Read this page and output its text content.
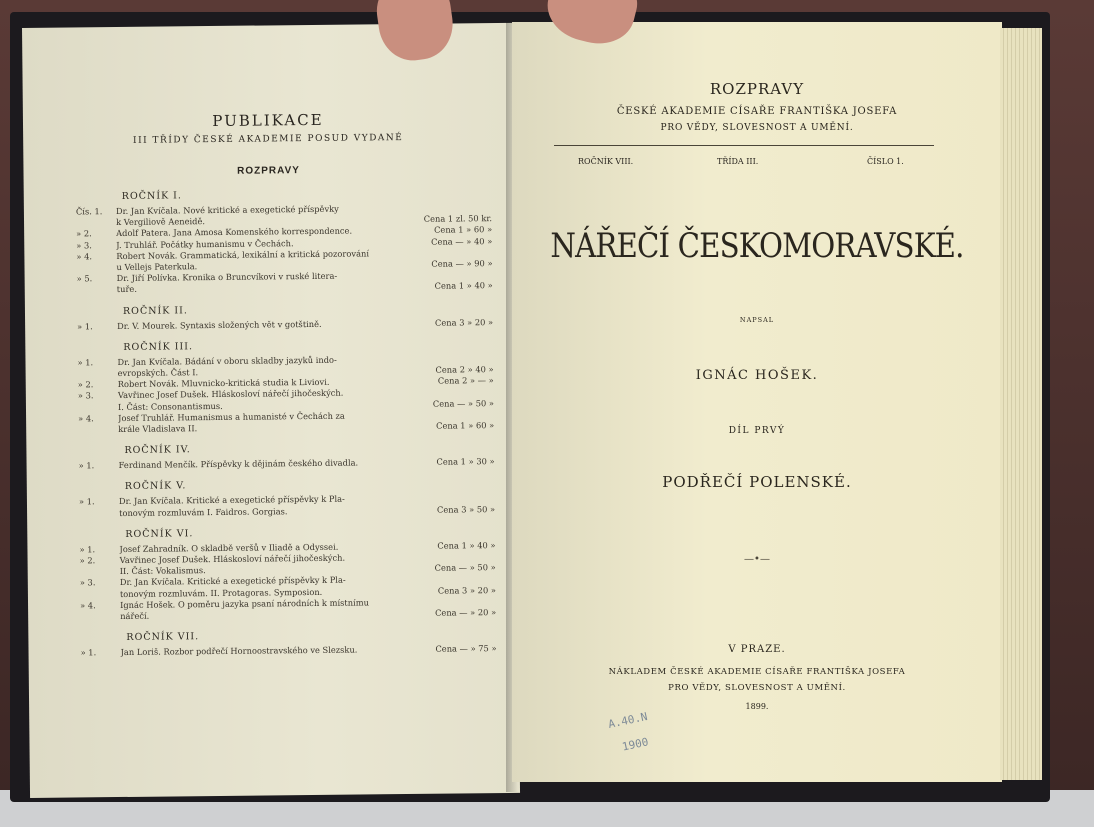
PUBLIKACE
III TŘÍDY ČESKÉ AKADEMIE POSUD VYDANÉ
ROZPRAVY
ROČNÍK I.
Čís. 1. Dr. Jan Kvíčala. Nové kritické a exegetické příspěvky
k Vergiliově Aeneidě.	Cena 1 zl. 50 kr.
» 2.	Adolf Patera. Jana Amosa Komenského korrespondence.	Cena 1 » 60 »
» 3.	J. Truhlář. Počátky humanismu v Čechách.	Cena — » 40 »
» 4.	Robert Novák. Grammatická, lexikální a kritická pozorování
u Vellejs Paterkula.	Cena — » 90 »
» 5.	Dr. Jiří Polívka. Kronika o Bruncvíkovi v ruské litera-
tuře.	Cena 1 » 40 »
ROČNÍK II.
» 1.	Dr. V. Mourek. Syntaxis složených vět v gotštině.	Cena 3 » 20 »
ROČNÍK III.
» 1.	Dr. Jan Kvíčala. Bádání v oboru skladby jazyků indo-
evropských. Část I.	Cena 2 » 40 »
» 2.	Robert Novák. Mluvnicko-kritická studia k Liviovi.	Cena 2 » — »
» 3.	Vavřinec Josef Dušek. Hláskosloví nářečí jihočeských.
I. Část: Consonantismus.	Cena — » 50 »
» 4.	Josef Truhlář. Humanismus a humanisté v Čechách za
krále Vladislava II.	Cena 1 » 60 »
ROČNÍK IV.
» 1.	Ferdinand Menčík. Příspěvky k dějinám českého divadla.	Cena 1 » 30 »
ROČNÍK V.
» 1.	Dr. Jan Kvíčala. Kritické a exegetické příspěvky k Pla-
tonovým rozmluvám I. Faidros. Gorgias.	Cena 3 » 50 »
ROČNÍK VI.
» 1.	Josef Zahradník. O skladbě veršů v Iliadě a Odyssei.	Cena 1 » 40 »
» 2.	Vavřinec Josef Dušek. Hláskosloví nářečí jihočeských.
II. Část: Vokalismus.	Cena — » 50 »
» 3.	Dr. Jan Kvíčala. Kritické a exegetické příspěvky k Pla-
tonovým rozmluvám. II. Protagoras. Symposion.	Cena 3 » 20 »
» 4.	Ignác Hošek. O poměru jazyka psaní národních k místnímu
nářečí.	Cena — » 20 »
ROČNÍK VII.
» 1.	Jan Loriš. Rozbor podřečí Hornoostravského ve Slezsku.	Cena — » 75 »
ROZPRAVY
ČESKÉ AKADEMIE CÍSAŘE FRANTIŠKA JOSEFA
PRO VĚDY, SLOVESNOST A UMĚNÍ.
ROČNÍK VIII.	TŘÍDA III.	ČÍSLO 1.
NÁŘEČÍ ČESKOMORAVSKÉ.
NAPSAL
IGNÁC HOŠEK.
DÍL PRVÝ
PODŘEČÍ POLENSKÉ.
—•—
V PRAZE.
NÁKLADEM ČESKÉ AKADEMIE CÍSAŘE FRANTIŠKA JOSEFA
PRO VĚDY, SLOVESNOST A UMĚNÍ.
1899.
A.40.N
1900
